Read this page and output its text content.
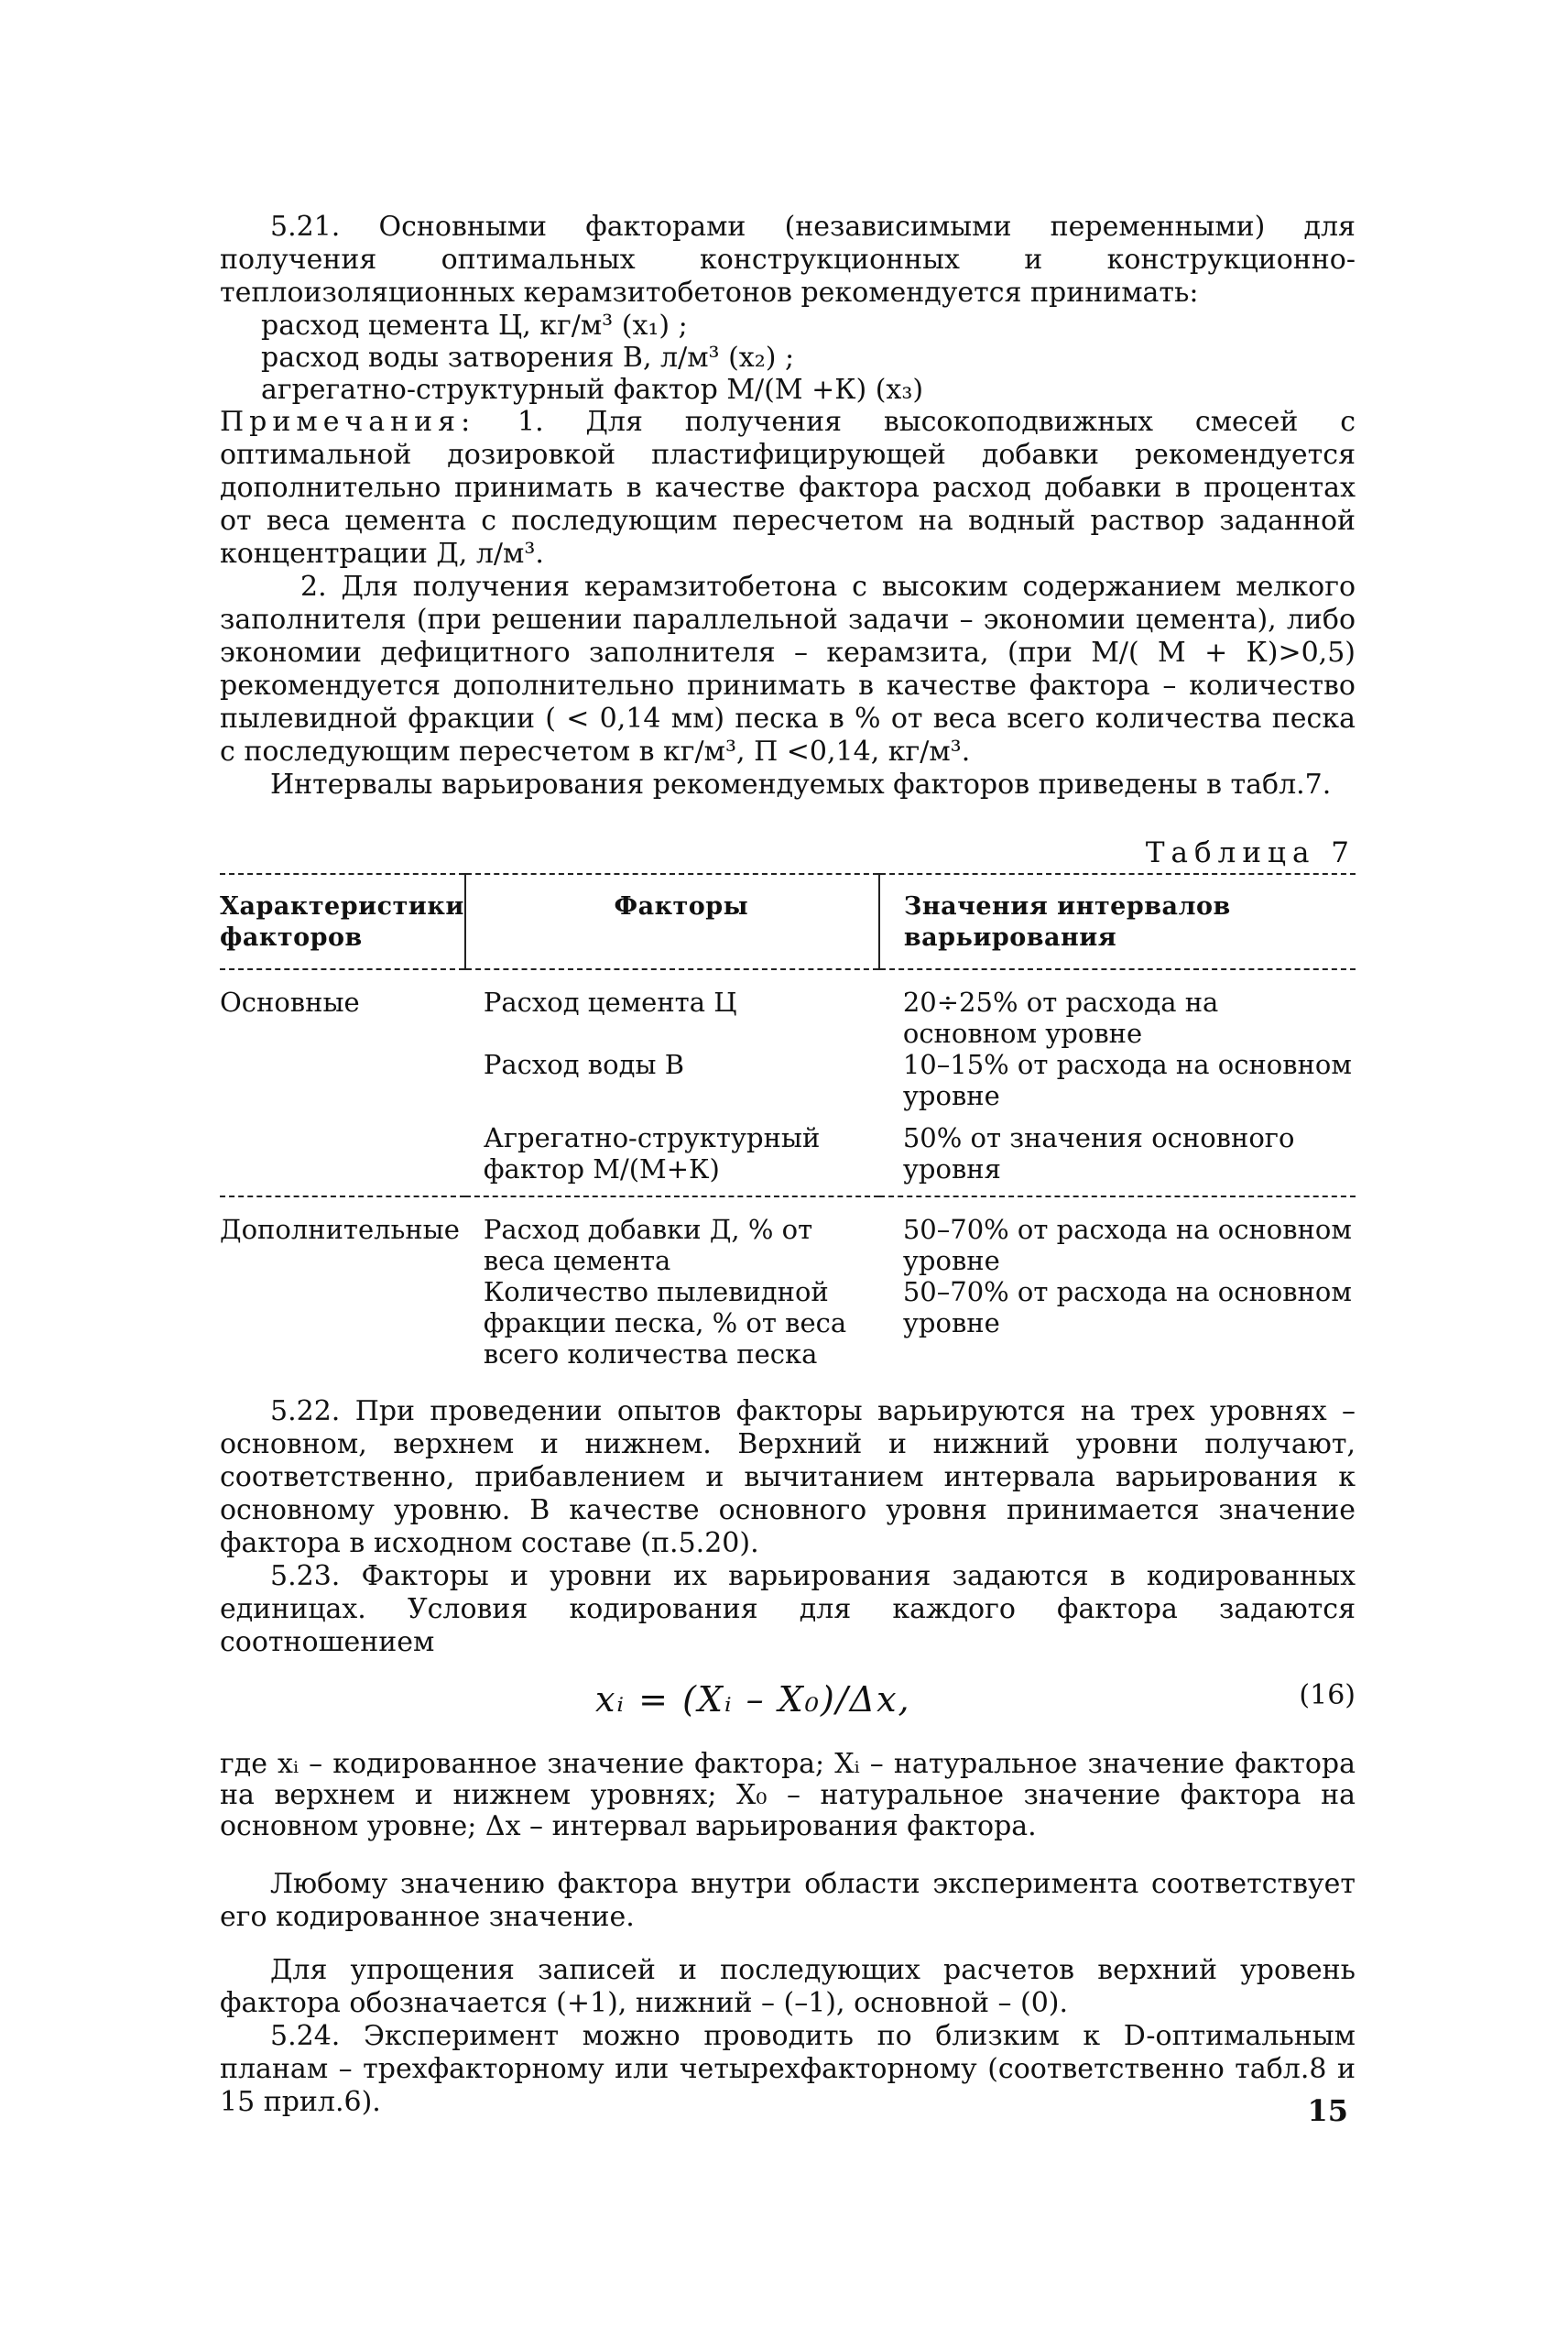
5.21. Основными факторами (независимыми переменными) для получения оптимальных конструкционных и конструкционно-теплоизоляционных керамзитобетонов рекомендуется принимать:

расход цемента Ц, кг/м³ (x₁) ;
расход воды затворения В, л/м³ (x₂) ;
агрегатно-структурный фактор М/(М +К) (x₃)

Примечания: 1. Для получения высокоподвижных смесей с оптимальной дозировкой пластифицирующей добавки рекомендуется дополнительно принимать в качестве фактора расход добавки в процентах от веса цемента с последующим пересчетом на водный раствор заданной концентрации Д, л/м³.

2. Для получения керамзитобетона с высоким содержанием мелкого заполнителя (при решении параллельной задачи – экономии цемента), либо экономии дефицитного заполнителя – керамзита, (при М/( М + К)>0,5) рекомендуется дополнительно принимать в качестве фактора – количество пылевидной фракции ( < 0,14 мм) песка в % от веса всего количества песка с последующим пересчетом в кг/м³, П <0,14, кг/м³.

Интервалы варьирования рекомендуемых факторов приведены в табл.7.

Таблица 7
Характеристики факторов	Факторы	Значения интервалов варьирования
Основные	Расход цемента Ц	20÷25% от расхода на основном уровне
	Расход воды В	10–15% от расхода на основном уровне
	Агрегатно-структурный фактор М/(М+К)	50% от значения основного уровня
Дополнительные	Расход добавки Д, % от веса цемента	50–70% от расхода на основном уровне
	Количество пылевидной фракции песка, % от веса всего количества песка	50–70% от расхода на основном уровне

5.22. При проведении опытов факторы варьируются на трех уровнях – основном, верхнем и нижнем. Верхний и нижний уровни получают, соответственно, прибавлением и вычитанием интервала варьирования к основному уровню. В качестве основного уровня принимается значение фактора в исходном составе (п.5.20).

5.23. Факторы и уровни их варьирования задаются в кодированных единицах. Условия кодирования для каждого фактора задаются соотношением

xᵢ = (Xᵢ – X₀)/Δx,	(16)

где xᵢ – кодированное значение фактора; Xᵢ – натуральное значение фактора на верхнем и нижнем уровнях; X₀ – натуральное значение фактора на основном уровне; Δx – интервал варьирования фактора.

Любому значению фактора внутри области эксперимента соответствует его кодированное значение.

Для упрощения записей и последующих расчетов верхний уровень фактора обозначается (+1), нижний – (–1), основной – (0).

5.24. Эксперимент можно проводить по близким к D-оптимальным планам – трехфакторному или четырехфакторному (соответственно табл.8 и 15 прил.6).	15
